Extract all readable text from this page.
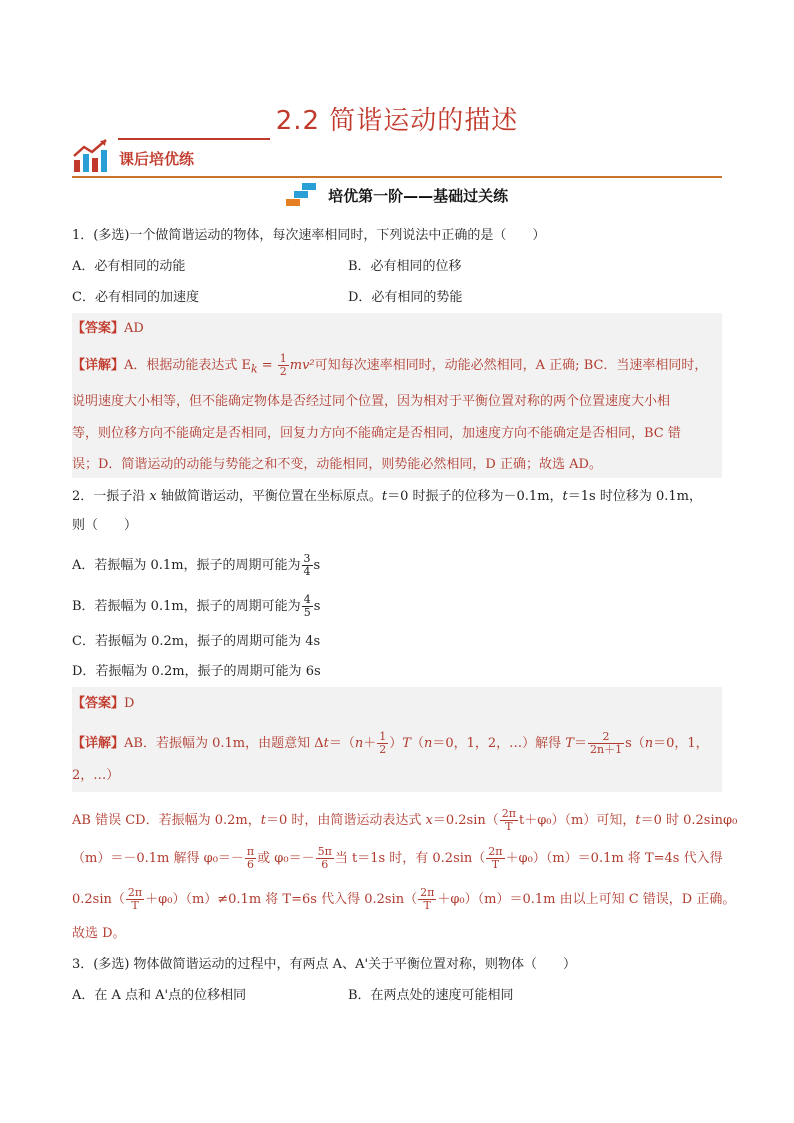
2.2 简谐运动的描述
课后培优练
培优第一阶——基础过关练
1．(多选)一个做简谐运动的物体，每次速率相同时，下列说法中正确的是（　　）
A．必有相同的动能	B．必有相同的位移
C．必有相同的加速度	D．必有相同的势能
【答案】AD
【详解】A．根据动能表达式 $E_k = \frac{1}{2} mv^2$可知每次速率相同时，动能必然相同，A 正确; BC．当速率相同时，
说明速度大小相等，但不能确定物体是否经过同个位置，因为相对于平衡位置对称的两个位置速度大小相
等，则位移方向不能确定是否相同，回复力方向不能确定是否相同，加速度方向不能确定是否相同，BC 错
误；D．简谐运动的动能与势能之和不变，动能相同，则势能必然相同，D 正确；故选 AD。
2．一振子沿 x 轴做简谐运动，平衡位置在坐标原点。t＝0 时振子的位移为－0.1m，t＝1s 时位移为 0.1m，
则（　　）
A．若振幅为 0.1m，振子的周期可能为 $\frac{3}{4}$ s
B．若振幅为 0.1m，振子的周期可能为 $\frac{4}{5}$ s
C．若振幅为 0.2m，振子的周期可能为 4s
D．若振幅为 0.2m，振子的周期可能为 6s
【答案】D
【详解】AB．若振幅为 0.1m，由题意知 $\Delta t=(n+ \frac{1}{2} )T(n=0$，1，2，…）解得 $T= \frac{2}{2n+1} s(n=0$，1，
2，…）
AB 错误 CD．若振幅为 0.2m，t＝0 时，由简谐运动表达式 $x=0.2\sin( \frac{2\pi}{T} t+\varphi_0)(m)$可知，t＝0 时 0.2sinφ₀
（m）＝－0.1m 解得 $\varphi_0=- \frac{\pi}{6}$ 或 $\varphi_0=- \frac{5\pi}{6}$ 当 t＝1s 时，有 $0.2\sin( \frac{2\pi}{T} +\varphi_0)(m)=0.1m$ 将 T=4s 代入得
$0.2\sin( \frac{2\pi}{T} +\varphi_0)(m)\ne 0.1m$ 将 T=6s 代入得 $0.2\sin( \frac{2\pi}{T} +\varphi_0)(m)=0.1m$ 由以上可知 C 错误，D 正确。
故选 D。
3．(多选) 物体做简谐运动的过程中，有两点 A、A'关于平衡位置对称，则物体（　　）
A．在 A 点和 A'点的位移相同	B．在两点处的速度可能相同
